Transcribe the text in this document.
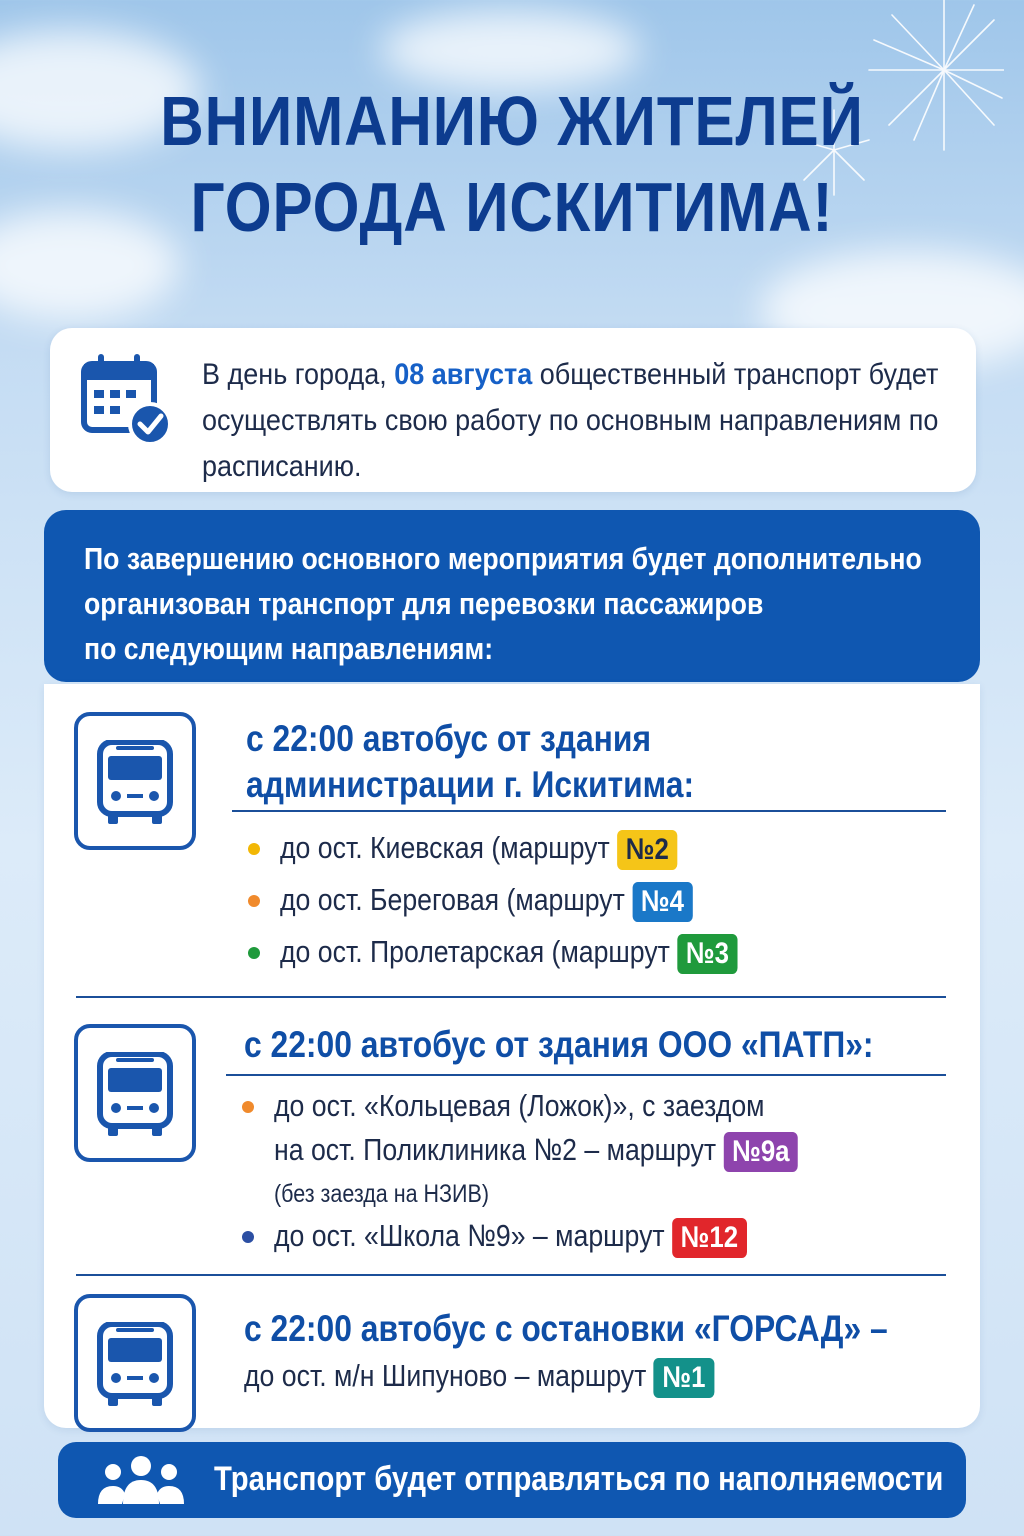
ВНИМАНИЮ ЖИТЕЛЕЙ
ГОРОДА ИСКИТИМА!
В день города, 08 августа общественный транспорт будет осуществлять свою работу по основным направлениям по расписанию.
По завершению основного мероприятия будет дополнительно
организован транспорт для перевозки пассажиров
по следующим направлениям:
с 22:00 автобус от здания
администрации г. Искитима:
до ост. Киевская (маршрут №2
до ост. Береговая (маршрут №4
до ост. Пролетарская (маршрут №3
с 22:00 автобус от здания ООО «ПАТП»:
до ост. «Кольцевая (Ложок)», с заездом
на ост. Поликлиника №2 – маршрут №9а
(без заезда на НЗИВ)
до ост. «Школа №9» – маршрут №12
с 22:00 автобус с остановки «ГОРСАД» –
до ост. м/н Шипуново – маршрут №1
Транспорт будет отправляться по наполняемости
